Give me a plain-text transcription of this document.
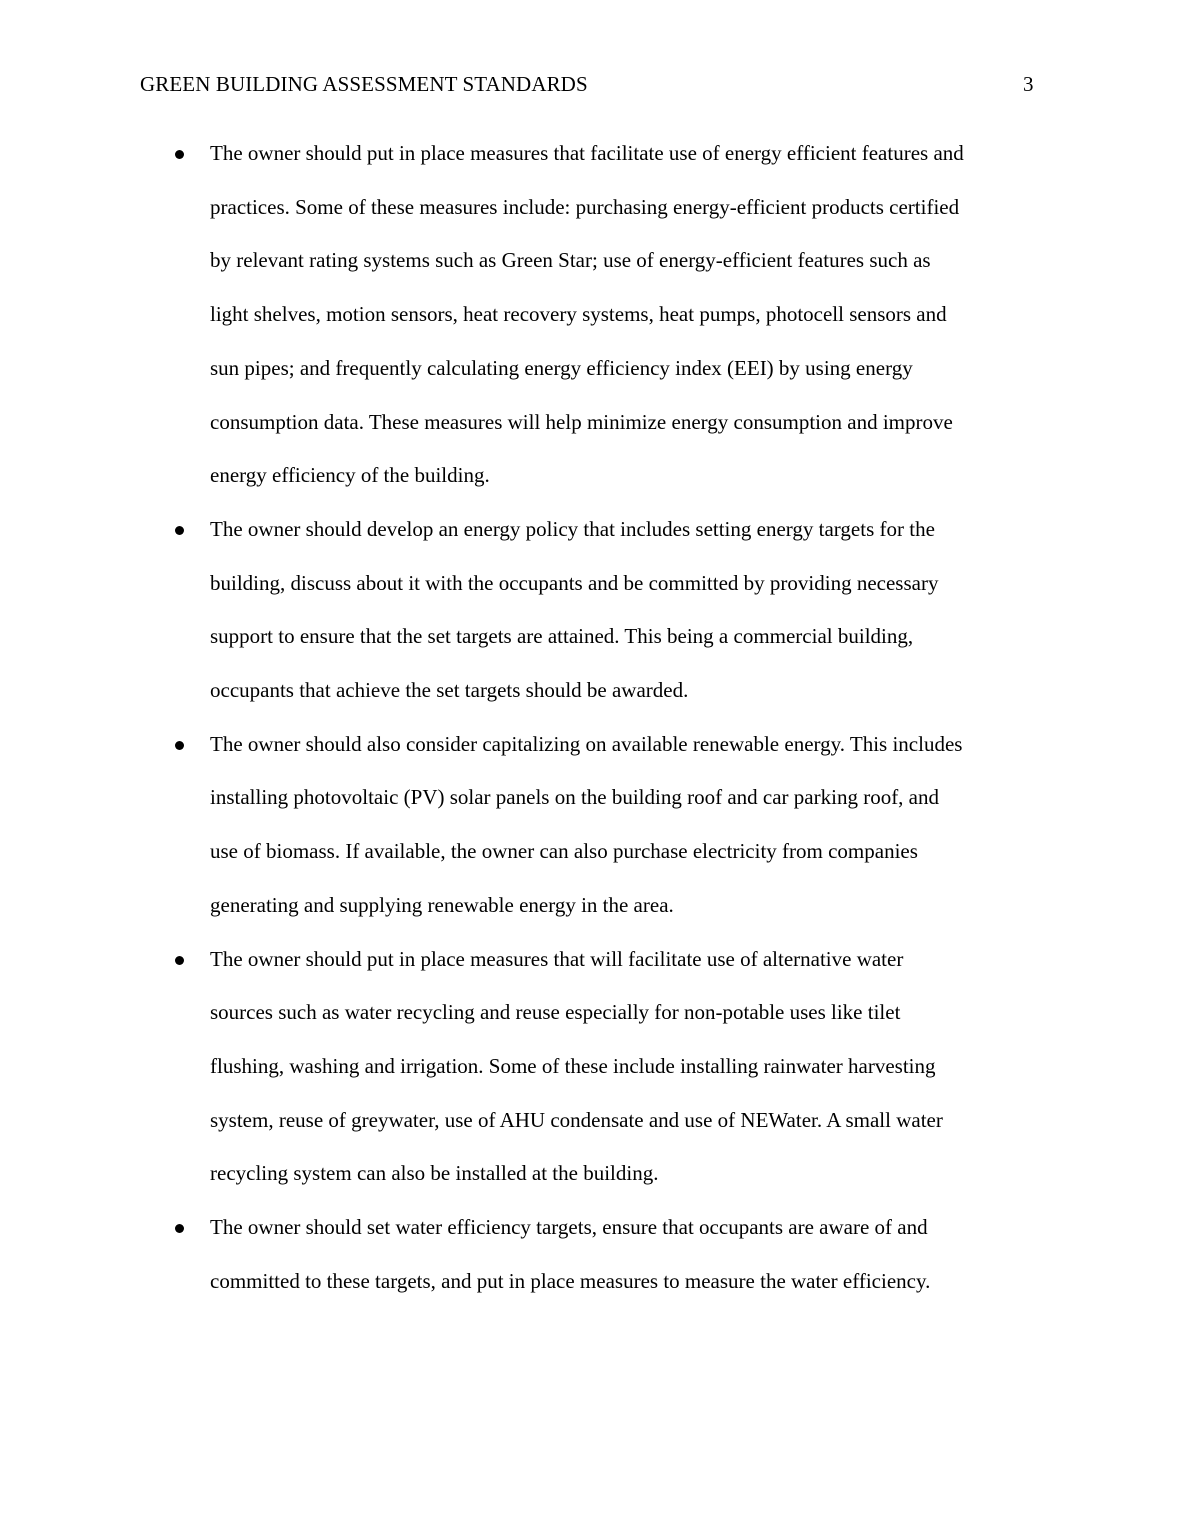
GREEN BUILDING ASSESSMENT STANDARDS	3
The owner should put in place measures that facilitate use of energy efficient features and
practices. Some of these measures include: purchasing energy-efficient products certified
by relevant rating systems such as Green Star; use of energy-efficient features such as
light shelves, motion sensors, heat recovery systems, heat pumps, photocell sensors and
sun pipes; and frequently calculating energy efficiency index (EEI) by using energy
consumption data. These measures will help minimize energy consumption and improve
energy efficiency of the building.
The owner should develop an energy policy that includes setting energy targets for the
building, discuss about it with the occupants and be committed by providing necessary
support to ensure that the set targets are attained. This being a commercial building,
occupants that achieve the set targets should be awarded.
The owner should also consider capitalizing on available renewable energy. This includes
installing photovoltaic (PV) solar panels on the building roof and car parking roof, and
use of biomass. If available, the owner can also purchase electricity from companies
generating and supplying renewable energy in the area.
The owner should put in place measures that will facilitate use of alternative water
sources such as water recycling and reuse especially for non-potable uses like tilet
flushing, washing and irrigation. Some of these include installing rainwater harvesting
system, reuse of greywater, use of AHU condensate and use of NEWater. A small water
recycling system can also be installed at the building.
The owner should set water efficiency targets, ensure that occupants are aware of and
committed to these targets, and put in place measures to measure the water efficiency.
